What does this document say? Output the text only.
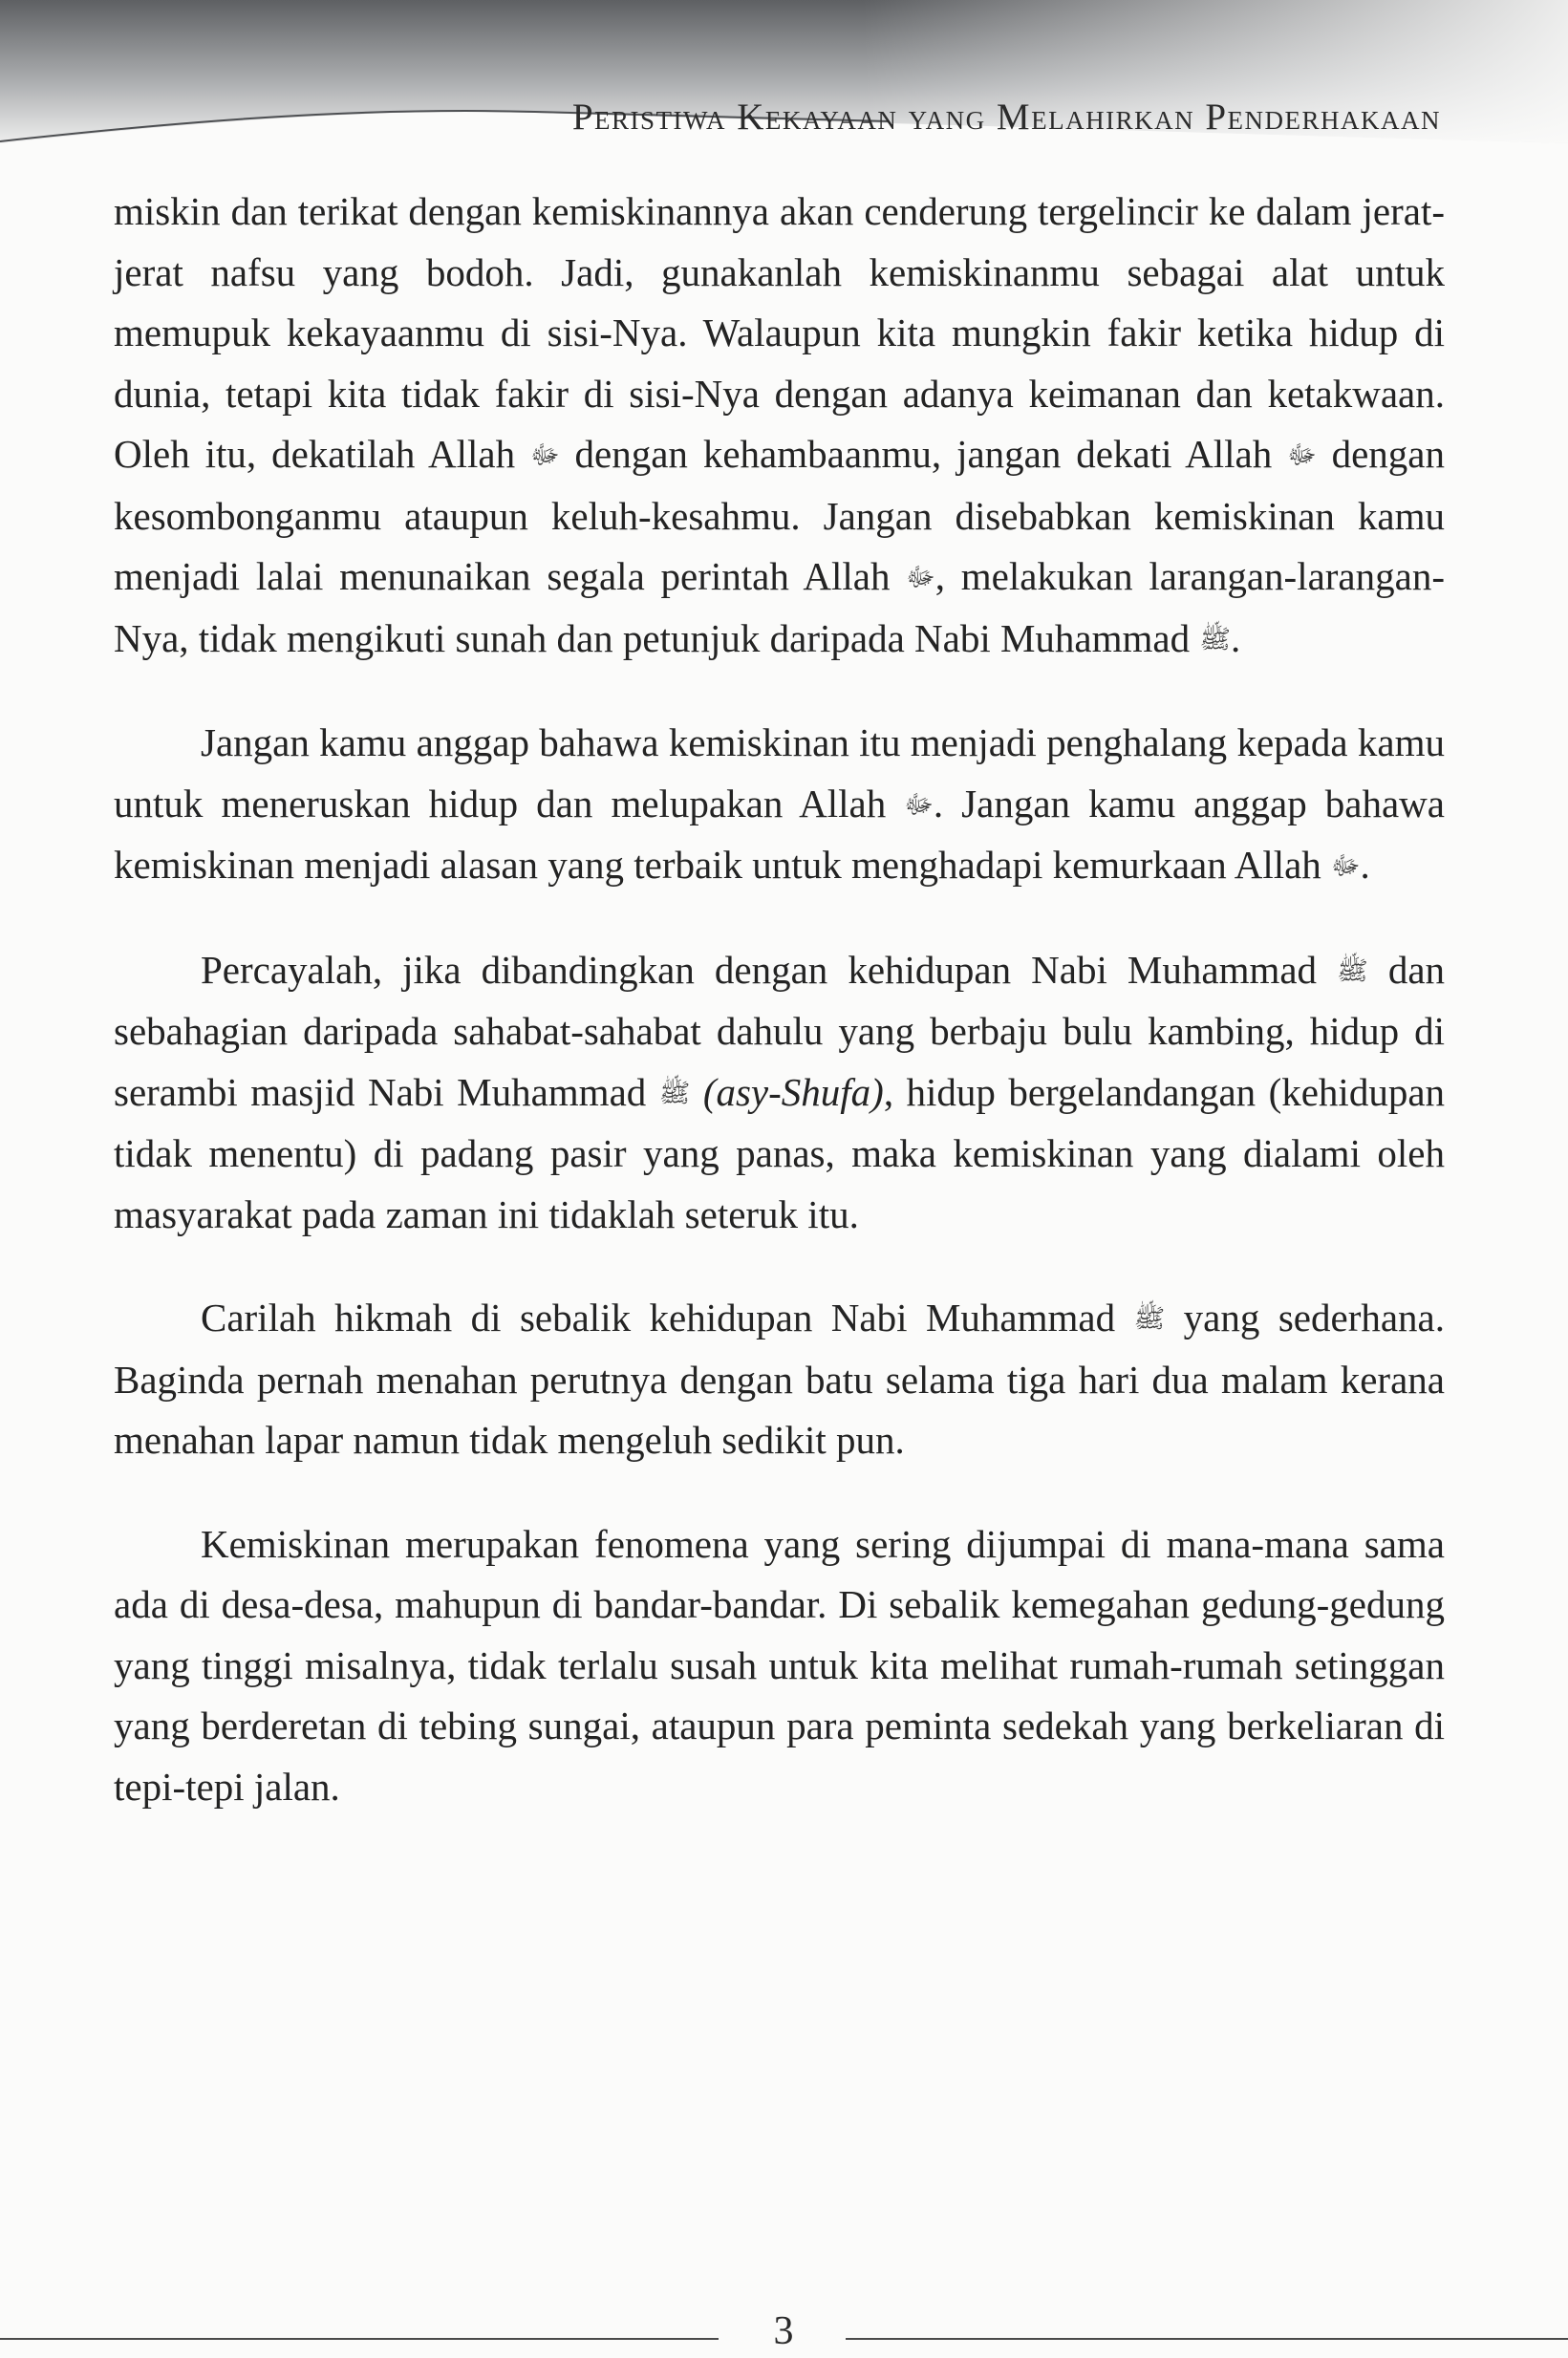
Peristiwa Kekayaan yang Melahirkan Penderhakaan

miskin dan terikat dengan kemiskinannya akan cenderung tergelincir ke dalam jerat-jerat nafsu yang bodoh. Jadi, gunakanlah kemiskinanmu sebagai alat untuk memupuk kekayaanmu di sisi-Nya. Walaupun kita mungkin fakir ketika hidup di dunia, tetapi kita tidak fakir di sisi-Nya dengan adanya keimanan dan ketakwaan. Oleh itu, dekatilah Allah ﷻ dengan kehambaanmu, jangan dekati Allah ﷻ dengan kesombonganmu ataupun keluh-kesahmu. Jangan disebabkan kemiskinan kamu menjadi lalai menunaikan segala perintah Allah ﷻ, melakukan larangan-larangan-Nya, tidak mengikuti sunah dan petunjuk daripada Nabi Muhammad ﷺ.

Jangan kamu anggap bahawa kemiskinan itu menjadi penghalang kepada kamu untuk meneruskan hidup dan melupakan Allah ﷻ. Jangan kamu anggap bahawa kemiskinan menjadi alasan yang terbaik untuk menghadapi kemurkaan Allah ﷻ.

Percayalah, jika dibandingkan dengan kehidupan Nabi Muhammad ﷺ dan sebahagian daripada sahabat-sahabat dahulu yang berbaju bulu kambing, hidup di serambi masjid Nabi Muhammad ﷺ (asy-Shufa), hidup bergelandangan (kehidupan tidak menentu) di padang pasir yang panas, maka kemiskinan yang dialami oleh masyarakat pada zaman ini tidaklah seteruk itu.

Carilah hikmah di sebalik kehidupan Nabi Muhammad ﷺ yang sederhana. Baginda pernah menahan perutnya dengan batu selama tiga hari dua malam kerana menahan lapar namun tidak mengeluh sedikit pun.

Kemiskinan merupakan fenomena yang sering dijumpai di mana-mana sama ada di desa-desa, mahupun di bandar-bandar. Di sebalik kemegahan gedung-gedung yang tinggi misalnya, tidak terlalu susah untuk kita melihat rumah-rumah setinggan yang berderetan di tebing sungai, ataupun para peminta sedekah yang berkeliaran di tepi-tepi jalan.

3
